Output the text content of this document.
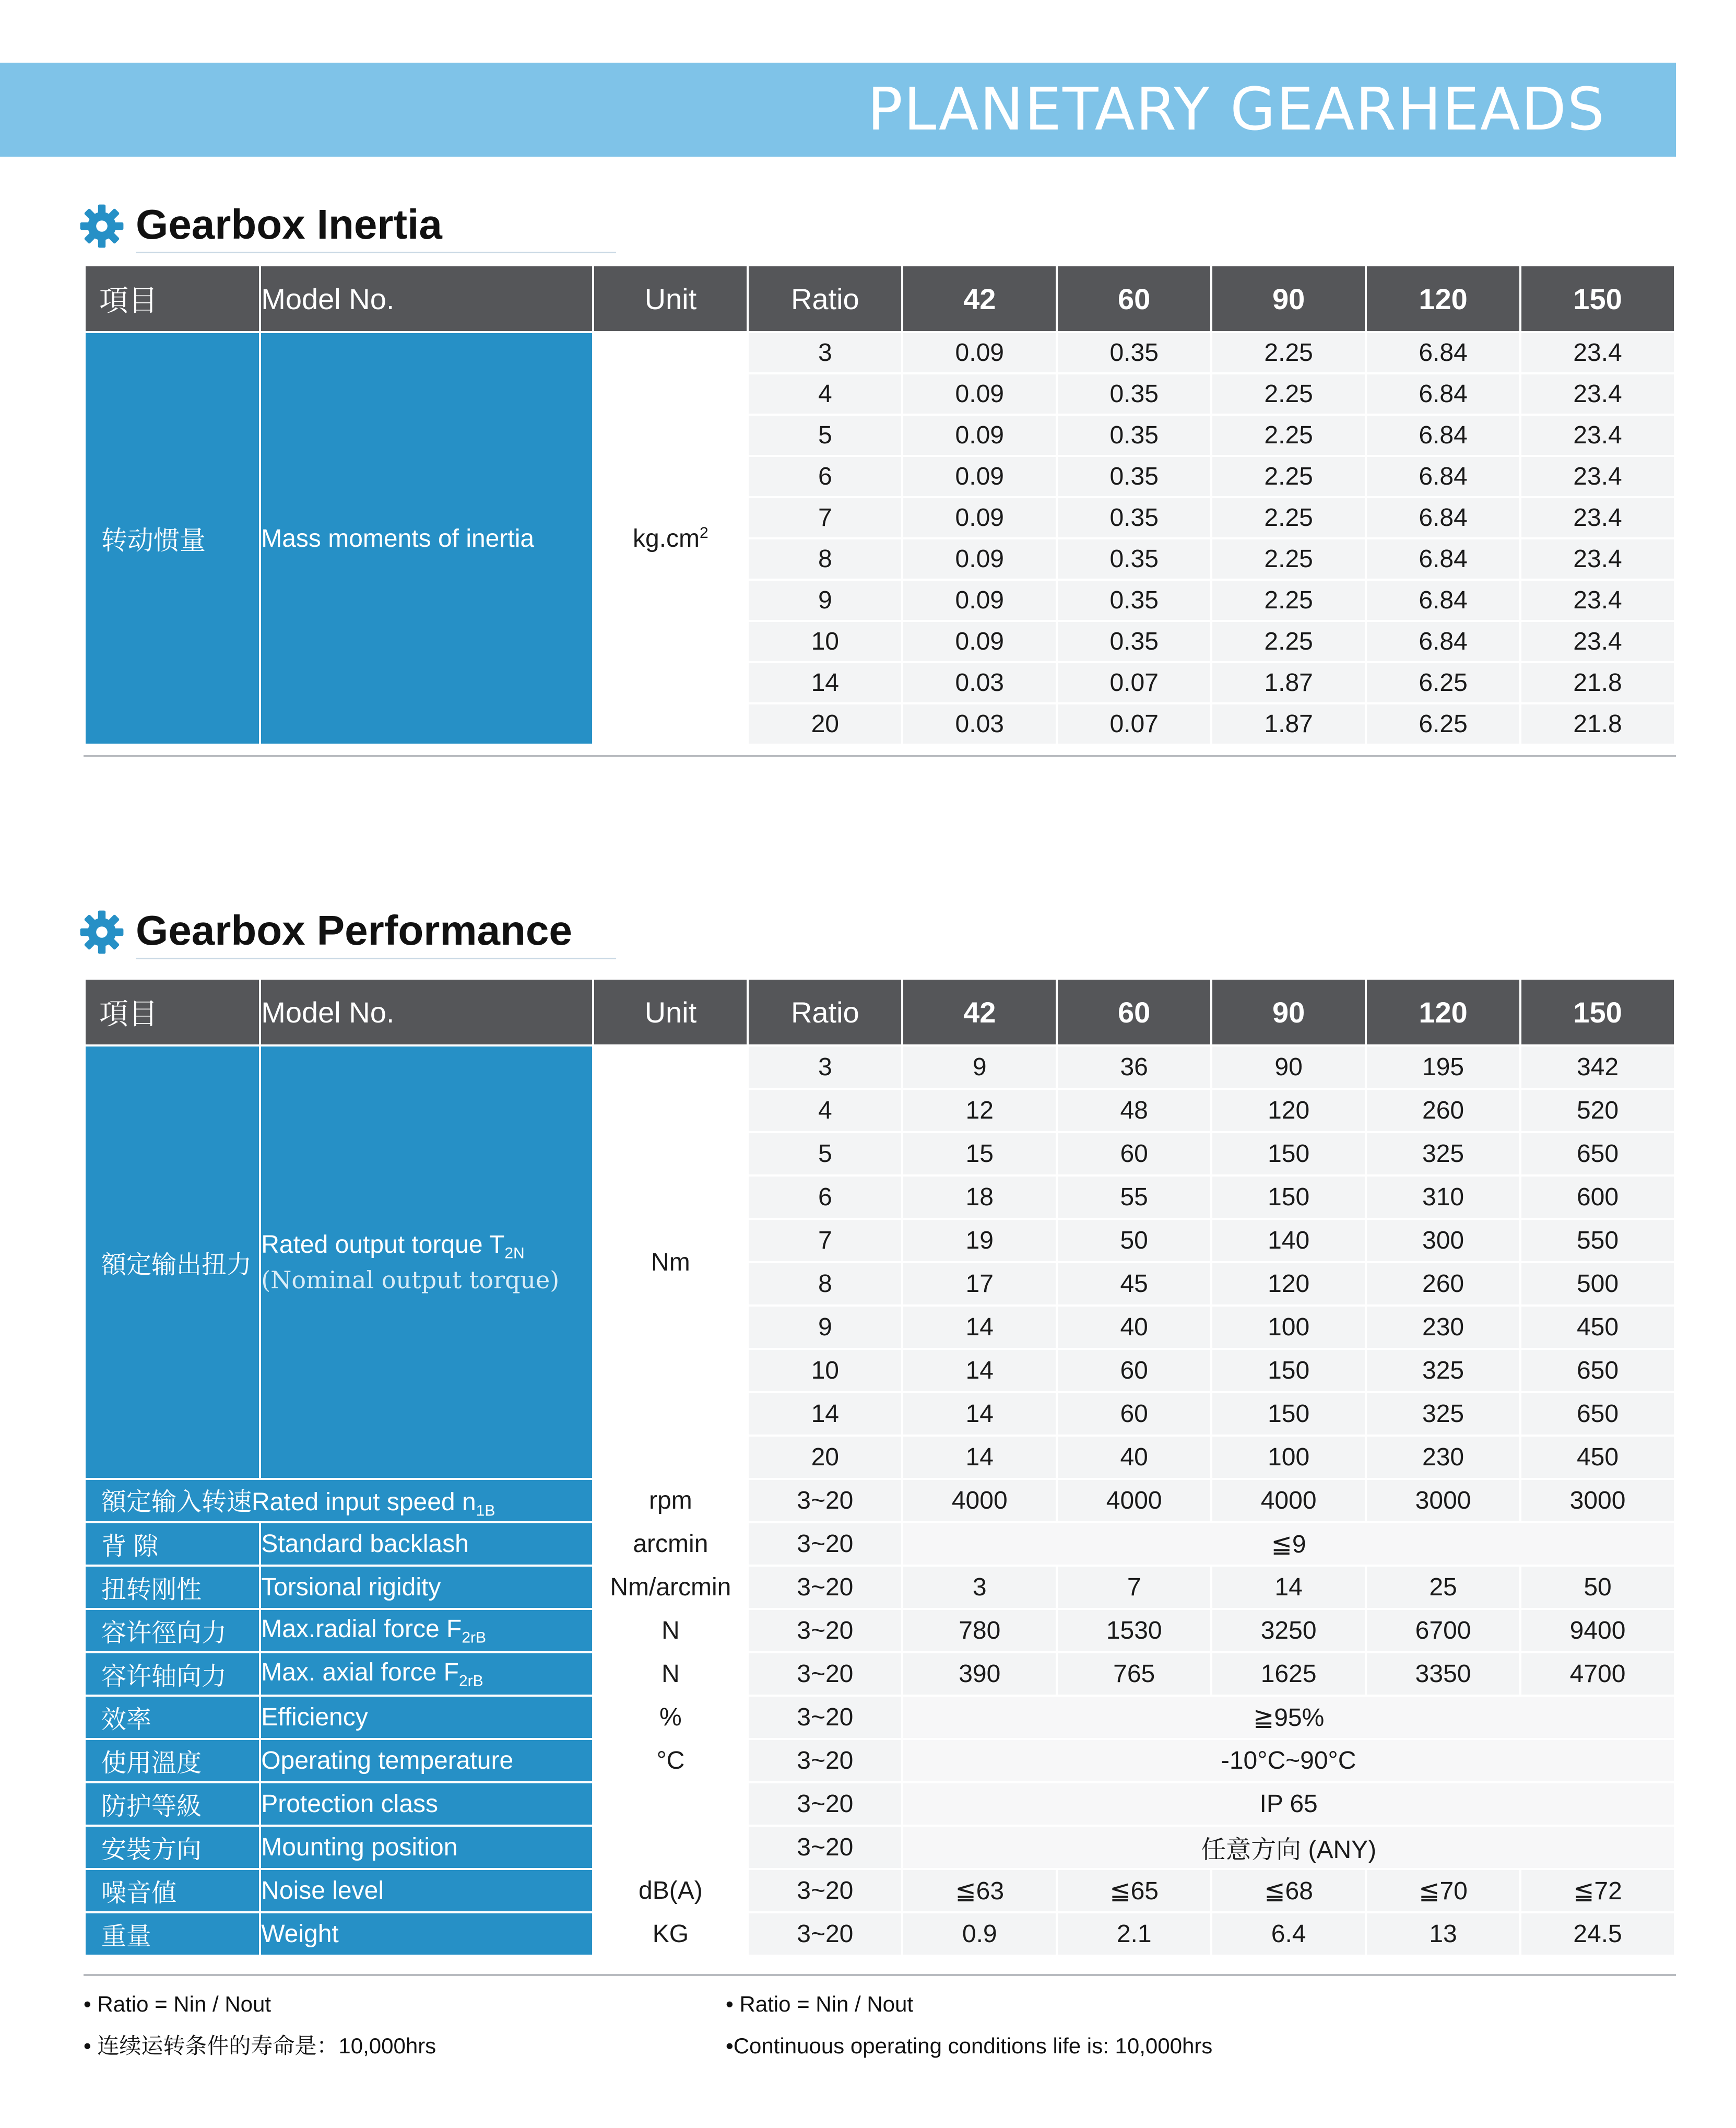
PLANETARY GEARHEADS
Gearbox Inertia
項目	Model No.	Unit	Ratio	42	60	90	120	150
转动惯量	Mass moments of inertia	$kg.cm^2$	3	0.09	0.35	2.25	6.84	23.4
			4	0.09	0.35	2.25	6.84	23.4
			5	0.09	0.35	2.25	6.84	23.4
			6	0.09	0.35	2.25	6.84	23.4
			7	0.09	0.35	2.25	6.84	23.4
			8	0.09	0.35	2.25	6.84	23.4
			9	0.09	0.35	2.25	6.84	23.4
			10	0.09	0.35	2.25	6.84	23.4
			14	0.03	0.07	1.87	6.25	21.8
			20	0.03	0.07	1.87	6.25	21.8
Gearbox Performance
項目	Model No.	Unit	Ratio	42	60	90	120	150
額定输出扭力	Rated output torque $T_{2N}$
(Nominal output torque)	Nm	3	9	36	90	195	342
			4	12	48	120	260	520
			5	15	60	150	325	650
			6	18	55	150	310	600
			7	19	50	140	300	550
			8	17	45	120	260	500
			9	14	40	100	230	450
			10	14	60	150	325	650
			14	14	60	150	325	650
			20	14	40	100	230	450
額定输入转速Rated input speed $n_{1B}$		rpm	3~20	4000	4000	4000	3000	3000
背 隙	Standard backlash	arcmin	3~20	≦9				
扭转刚性	Torsional rigidity	Nm/arcmin	3~20	3	7	14	25	50
容许徑向力	Max.radial force $F_{2rB}$	N	3~20	780	1530	3250	6700	9400
容许轴向力	Max. axial force $F_{2rB}$	N	3~20	390	765	1625	3350	4700
效率	Efficiency	%	3~20	≧95%				
使用溫度	Operating temperature	°C	3~20	-10°C~90°C				
防护等級	Protection class		3~20	IP 65				
安裝方向	Mounting position		3~20	任意方向 (ANY)				
噪音値	Noise level	dB(A)	3~20	≦63	≦65	≦68	≦70	≦72
重量	Weight	KG	3~20	0.9	2.1	6.4	13	24.5
• Ratio = Nin / Nout
• 连续运转条件的寿命是：10,000hrs
• Ratio = Nin / Nout
•Continuous operating conditions life is: 10,000hrs
